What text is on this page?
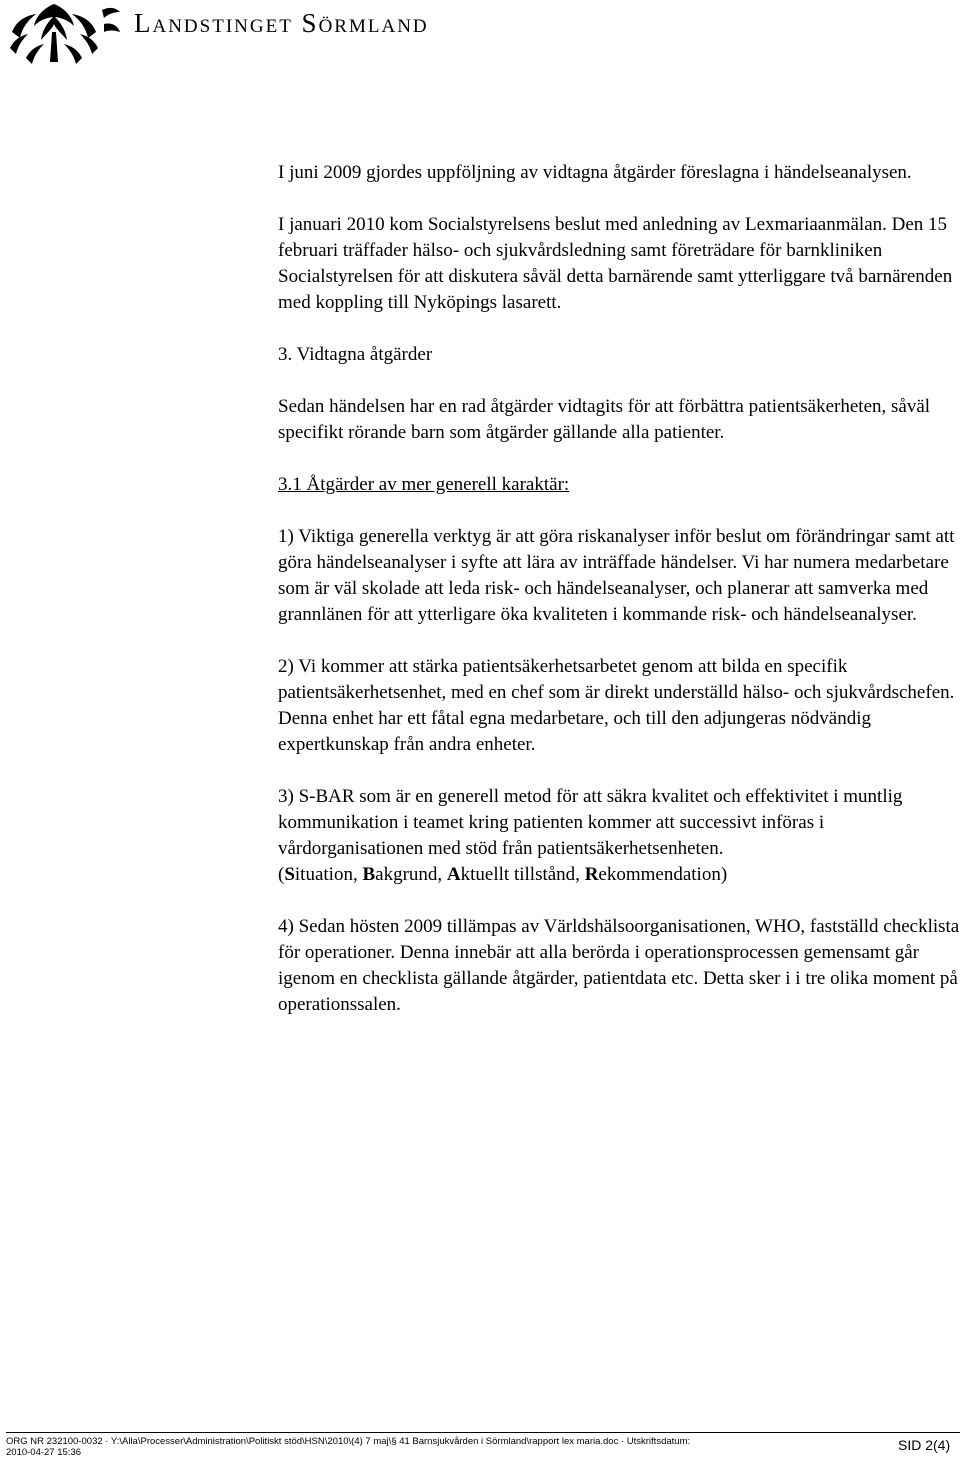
Landstinget Sörmland

I juni 2009 gjordes uppföljning av vidtagna åtgärder föreslagna i händelseanalysen.

I januari 2010 kom Socialstyrelsens beslut med anledning av Lexmariaanmälan. Den 15 februari träffader hälso- och sjukvårdsledning samt företrädare för barnkliniken Socialstyrelsen för att diskutera såväl detta barnärende samt ytterliggare två barnärenden med koppling till Nyköpings lasarett.

3. Vidtagna åtgärder

Sedan händelsen har en rad åtgärder vidtagits för att förbättra patientsäkerheten, såväl specifikt rörande barn som åtgärder gällande alla patienter.

3.1 Åtgärder av mer generell karaktär:

1) Viktiga generella verktyg är att göra riskanalyser inför beslut om förändringar samt att göra händelseanalyser i syfte att lära av inträffade händelser. Vi har numera medarbetare som är väl skolade att leda risk- och händelseanalyser, och planerar att samverka med grannlänen för att ytterligare öka kvaliteten i kommande risk- och händelseanalyser.

2) Vi kommer att stärka patientsäkerhetsarbetet genom att bilda en specifik patientsäkerhetsenhet, med en chef som är direkt underställd hälso- och sjukvårdschefen. Denna enhet har ett fåtal egna medarbetare, och till den adjungeras nödvändig expertkunskap från andra enheter.

3) S-BAR som är en generell metod för att säkra kvalitet och effektivitet i muntlig kommunikation i teamet kring patienten kommer att successivt införas i vårdorganisationen med stöd från patientsäkerhetsenheten.
(Situation, Bakgrund, Aktuellt tillstånd, Rekommendation)

4) Sedan hösten 2009 tillämpas av Världshälsoorganisationen, WHO, fastställd checklista för operationer. Denna innebär att alla berörda i operationsprocessen gemensamt går igenom en checklista gällande åtgärder, patientdata etc. Detta sker i i tre olika moment på operationssalen.

ORG NR 232100-0032 · Y:\Alla\Processer\Administration\Politiskt stöd\HSN\2010\(4) 7 maj\§ 41 Barnsjukvården i Sörmland\rapport lex maria.doc · Utskriftsdatum: 2010-04-27 15:36	SID 2(4)
